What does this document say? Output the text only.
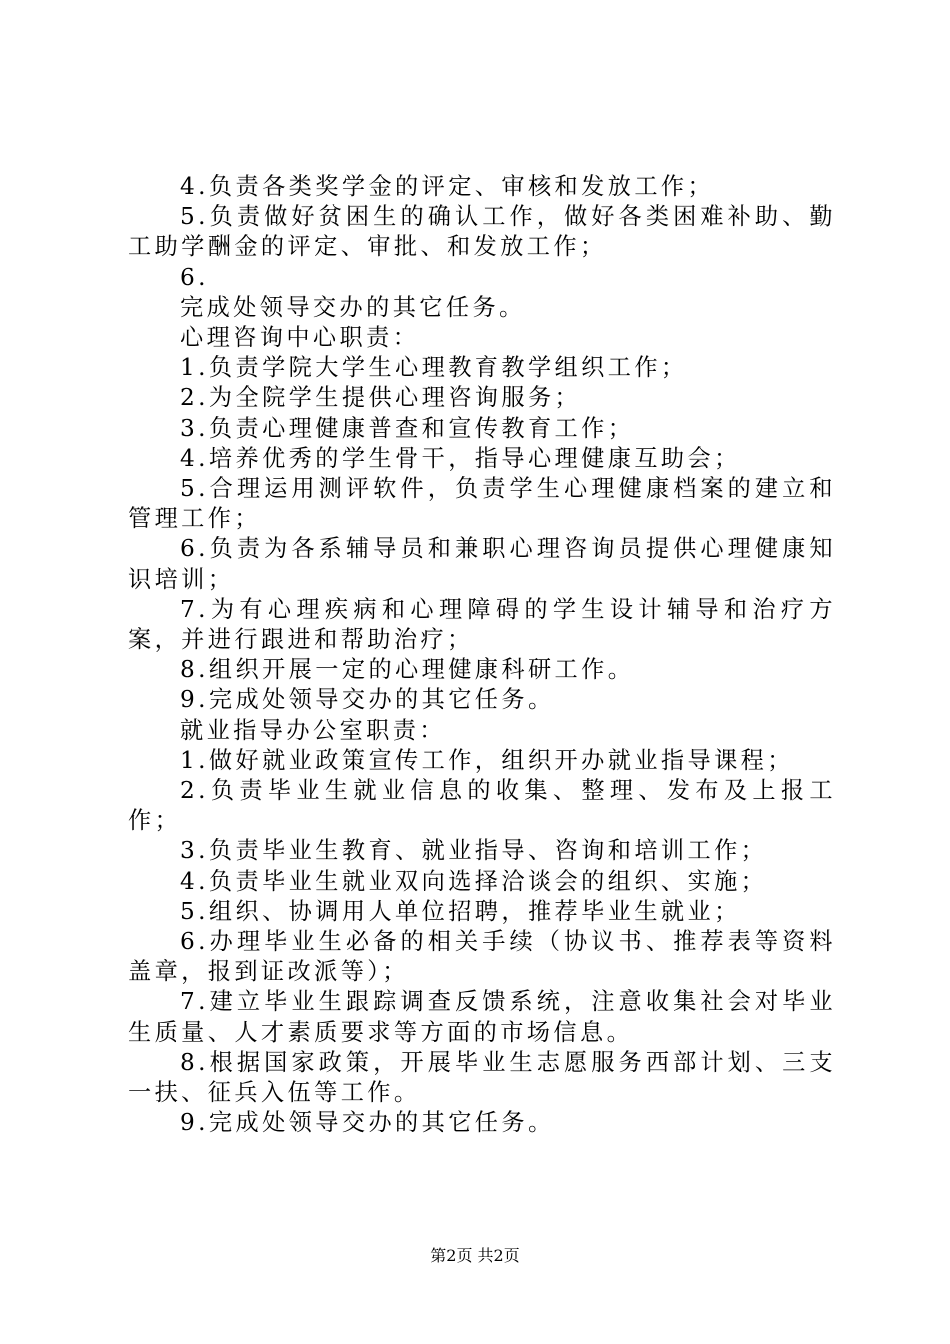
4.负责各类奖学金的评定、审核和发放工作；

5.负责做好贫困生的确认工作，做好各类困难补助、勤工助学酬金的评定、审批、和发放工作；

6.

完成处领导交办的其它任务。

心理咨询中心职责：

1.负责学院大学生心理教育教学组织工作；

2.为全院学生提供心理咨询服务；

3.负责心理健康普查和宣传教育工作；

4.培养优秀的学生骨干，指导心理健康互助会；

5.合理运用测评软件，负责学生心理健康档案的建立和管理工作；

6.负责为各系辅导员和兼职心理咨询员提供心理健康知识培训；

7.为有心理疾病和心理障碍的学生设计辅导和治疗方案，并进行跟进和帮助治疗；

8.组织开展一定的心理健康科研工作。

9.完成处领导交办的其它任务。

就业指导办公室职责：

1.做好就业政策宣传工作，组织开办就业指导课程；

2.负责毕业生就业信息的收集、整理、发布及上报工作；

3.负责毕业生教育、就业指导、咨询和培训工作；

4.负责毕业生就业双向选择洽谈会的组织、实施；

5.组织、协调用人单位招聘，推荐毕业生就业；

6.办理毕业生必备的相关手续（协议书、推荐表等资料盖章，报到证改派等）；

7.建立毕业生跟踪调查反馈系统，注意收集社会对毕业生质量、人才素质要求等方面的市场信息。

8.根据国家政策，开展毕业生志愿服务西部计划、三支一扶、征兵入伍等工作。

9.完成处领导交办的其它任务。

第2页 共2页
